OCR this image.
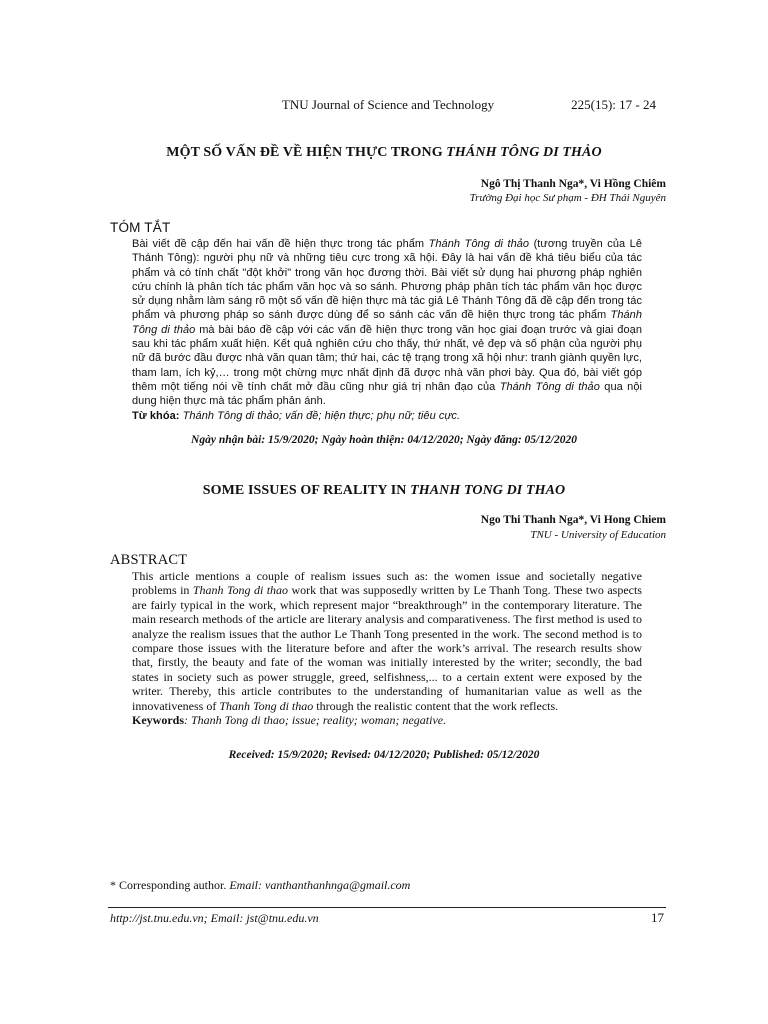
TNU Journal of Science and Technology	225(15): 17 - 24
MỘT SỐ VẤN ĐỀ VỀ HIỆN THỰC TRONG THÁNH TÔNG DI THẢO
Ngô Thị Thanh Nga*, Vi Hồng Chiêm
Trường Đại học Sư phạm - ĐH Thái Nguyên
TÓM TẮT
Bài viết đề cập đến hai vấn đề hiện thực trong tác phẩm Thánh Tông di thảo (tương truyền của Lê Thánh Tông): người phụ nữ và những tiêu cực trong xã hội. Đây là hai vấn đề khá tiêu biểu của tác phẩm và có tính chất "đột khởi" trong văn học đương thời. Bài viết sử dụng hai phương pháp nghiên cứu chính là phân tích tác phẩm văn học và so sánh. Phương pháp phân tích tác phẩm văn học được sử dụng nhằm làm sáng rõ một số vấn đề hiện thực mà tác giả Lê Thánh Tông đã đề cập đến trong tác phẩm và phương pháp so sánh được dùng để so sánh các vấn đề hiện thực trong tác phẩm Thánh Tông di thảo mà bài báo đề cập với các vấn đề hiện thực trong văn học giai đoạn trước và giai đoạn sau khi tác phẩm xuất hiện. Kết quả nghiên cứu cho thấy, thứ nhất, vẻ đẹp và số phận của người phụ nữ đã bước đầu được nhà văn quan tâm; thứ hai, các tệ trạng trong xã hội như: tranh giành quyền lực, tham lam, ích kỷ,… trong một chừng mực nhất định đã được nhà văn phơi bày. Qua đó, bài viết góp thêm một tiếng nói về tính chất mở đầu cũng như giá trị nhân đạo của Thánh Tông di thảo qua nội dung hiện thực mà tác phẩm phản ánh.
Từ khóa: Thánh Tông di thảo; vấn đề; hiện thực; phụ nữ; tiêu cực.
Ngày nhận bài: 15/9/2020; Ngày hoàn thiện: 04/12/2020; Ngày đăng: 05/12/2020
SOME ISSUES OF REALITY IN THANH TONG DI THAO
Ngo Thi Thanh Nga*, Vi Hong Chiem
TNU - University of Education
ABSTRACT
This article mentions a couple of realism issues such as: the women issue and societally negative problems in Thanh Tong di thao work that was supposedly written by Le Thanh Tong. These two aspects are fairly typical in the work, which represent major “breakthrough” in the contemporary literature. The main research methods of the article are literary analysis and comparativeness. The first method is used to analyze the realism issues that the author Le Thanh Tong presented in the work. The second method is to compare those issues with the literature before and after the work’s arrival. The research results show that, firstly, the beauty and fate of the woman was initially interested by the writer; secondly, the bad states in society such as power struggle, greed, selfishness,... to a certain extent were exposed by the writer. Thereby, this article contributes to the understanding of humanitarian value as well as the innovativeness of Thanh Tong di thao through the realistic content that the work reflects.
Keywords: Thanh Tong di thao; issue; reality; woman; negative.
Received: 15/9/2020; Revised: 04/12/2020; Published: 05/12/2020
* Corresponding author. Email: vanthanthanhnga@gmail.com
http://jst.tnu.edu.vn; Email: jst@tnu.edu.vn	17
